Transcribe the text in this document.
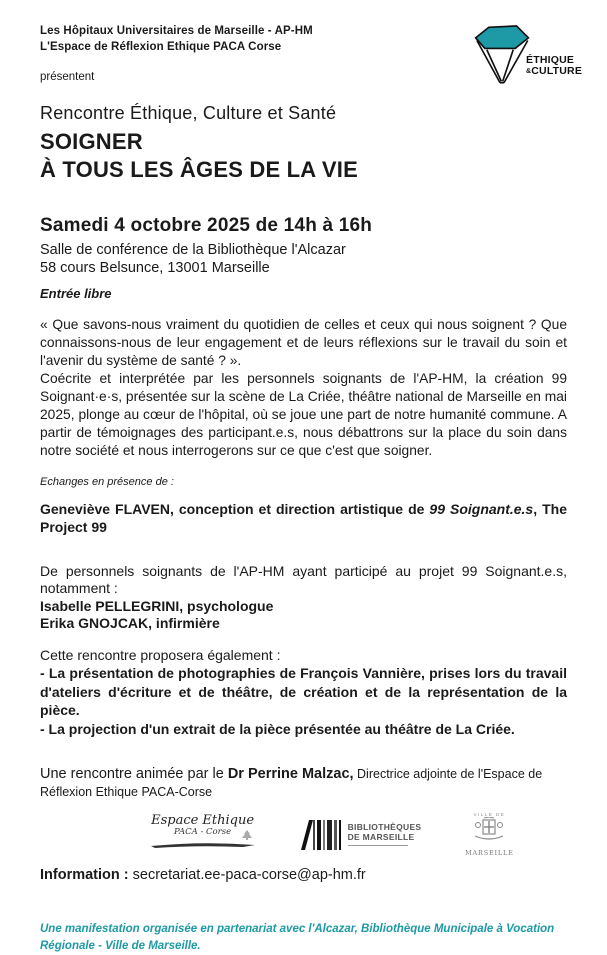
Les Hôpitaux Universitaires de Marseille - AP-HM
L'Espace de Réflexion Ethique PACA Corse
présentent
ÉTHIQUE
&CULTURE
Rencontre Éthique, Culture et Santé
SOIGNER
À TOUS LES ÂGES DE LA VIE
Samedi 4 octobre 2025 de 14h à 16h
Salle de conférence de la Bibliothèque l'Alcazar
58 cours Belsunce, 13001 Marseille
Entrée libre

« Que savons-nous vraiment du quotidien de celles et ceux qui nous soignent ? Que connaissons-nous de leur engagement et de leurs réflexions sur le travail du soin et l'avenir du système de santé ? ».

Coécrite et interprétée par les personnels soignants de l'AP-HM, la création 99 Soignant·e·s, présentée sur la scène de La Criée, théâtre national de Marseille en mai 2025, plonge au cœur de l'hôpital, où se joue une part de notre humanité commune. A partir de témoignages des participant.e.s, nous débattrons sur la place du soin dans notre société et nous interrogerons sur ce que c'est que soigner.

Echanges en présence de :

Geneviève FLAVEN, conception et direction artistique de 99 Soignant.e.s, The Project 99

De personnels soignants de l'AP-HM ayant participé au projet 99 Soignant.e.s, notamment :

Isabelle PELLEGRINI, psychologue
Erika GNOJCAK, infirmière
Cette rencontre proposera également :
- La présentation de photographies de François Vannière, prises lors du travail d'ateliers d'écriture et de théâtre, de création et de la représentation de la pièce.
- La projection d'un extrait de la pièce présentée au théâtre de La Criée.

Une rencontre animée par le Dr Perrine Malzac, Directrice adjointe de l'Espace de Réflexion Ethique PACA-Corse

Information : secretariat.ee-paca-corse@ap-hm.fr

Une manifestation organisée en partenariat avec l'Alcazar, Bibliothèque Municipale à Vocation Régionale - Ville de Marseille.

Espace Ethique
PACA - Corse	BIBLIOTHÈQUES
DE MARSEILLE
VILLE DE
MARSEILLE
